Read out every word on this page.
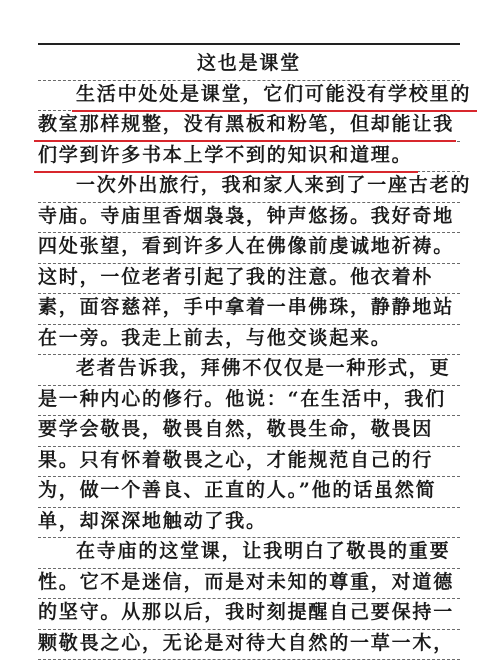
这也是课堂
生活中处处是课堂，它们可能没有学校里的
教室那样规整，没有黑板和粉笔，但却能让我
们学到许多书本上学不到的知识和道理。
一次外出旅行，我和家人来到了一座古老的
寺庙。寺庙里香烟袅袅，钟声悠扬。我好奇地
四处张望，看到许多人在佛像前虔诚地祈祷。
这时，一位老者引起了我的注意。他衣着朴
素，面容慈祥，手中拿着一串佛珠，静静地站
在一旁。我走上前去，与他交谈起来。
老者告诉我，拜佛不仅仅是一种形式，更
是一种内心的修行。他说：“在生活中，我们
要学会敬畏，敬畏自然，敬畏生命，敬畏因
果。只有怀着敬畏之心，才能规范自己的行
为，做一个善良、正直的人。”他的话虽然简
单，却深深地触动了我。
在寺庙的这堂课，让我明白了敬畏的重要
性。它不是迷信，而是对未知的尊重，对道德
的坚守。从那以后，我时刻提醒自己要保持一
颗敬畏之心，无论是对待大自然的一草一木，
